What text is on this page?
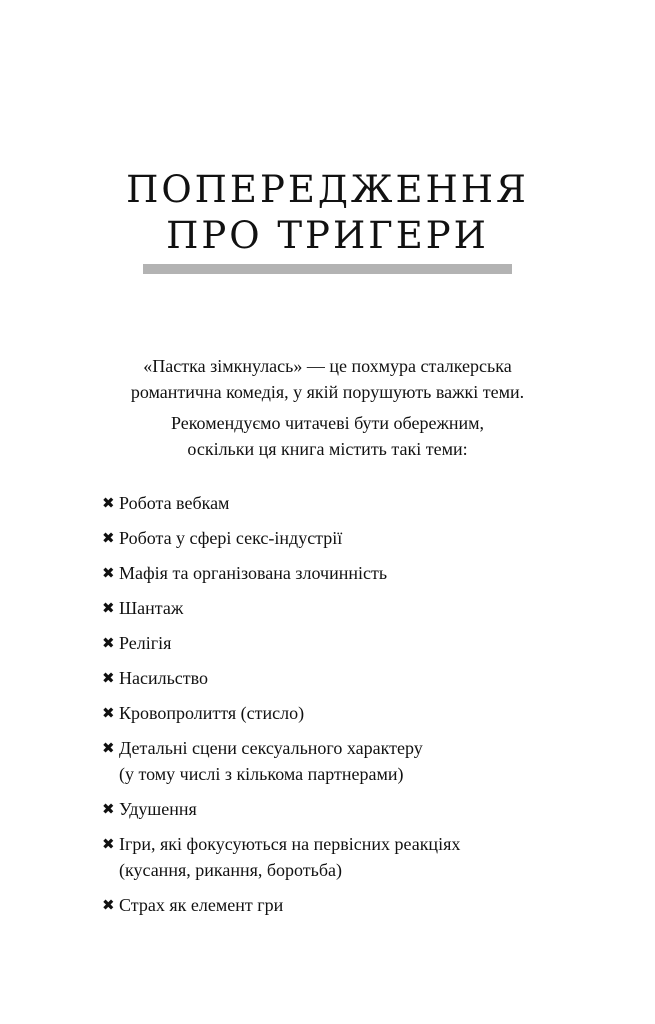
ПОПЕРЕДЖЕННЯ
ПРО ТРИГЕРИ

«Пастка зімкнулась» — це похмура сталкерська

романтична комедія, у якій порушують важкі теми.

Рекомендуємо читачеві бути обережним,

оскільки ця книга містить такі теми:

✖ Робота вебкам
✖ Робота у сфері секс-індустрії
✖ Мафія та організована злочинність
✖ Шантаж
✖ Релігія
✖ Насильство
✖ Кровопролиття (стисло)
✖ Детальні сцени сексуального характеру
(у тому числі з кількома партнерами)
✖ Удушення
✖ Ігри, які фокусуються на первісних реакціях
(кусання, рикання, боротьба)
✖ Страх як елемент гри
